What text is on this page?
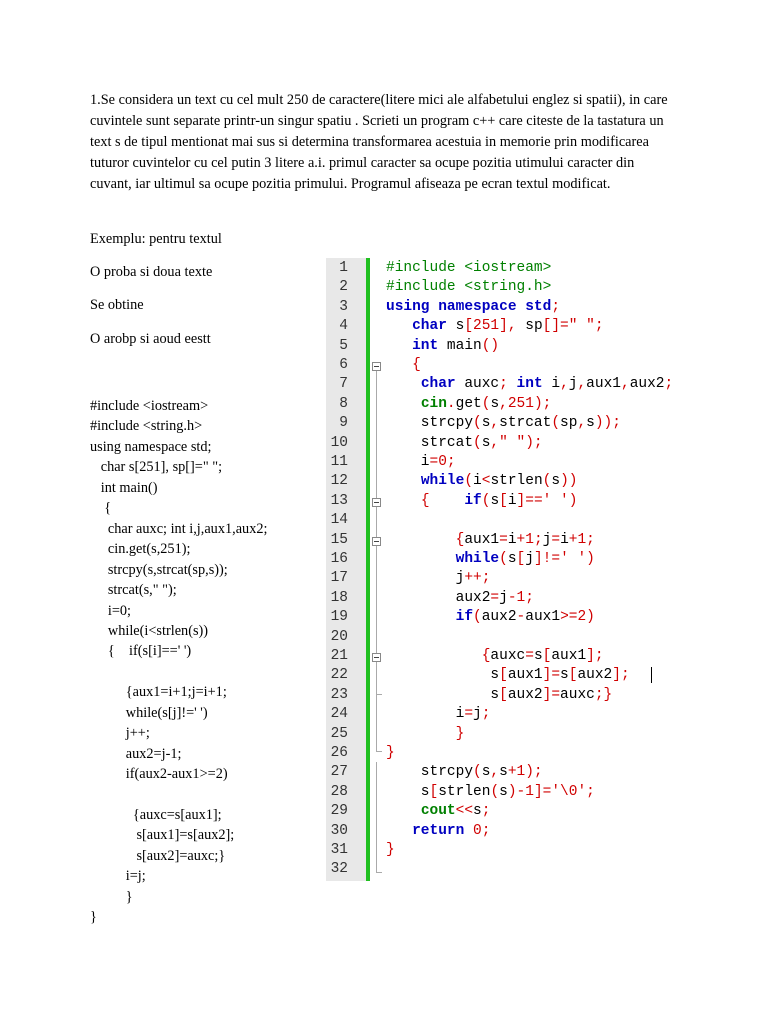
1.Se considera un text cu cel mult 250 de caractere(litere mici ale alfabetului englez si spatii), in care cuvintele sunt separate printr-un singur spatiu . Scrieti un program c++ care citeste de la tastatura un text s de tipul mentionat mai sus si determina transformarea acestuia in memorie prin modificarea tuturor cuvintelor cu cel putin 3 litere a.i. primul caracter sa ocupe pozitia utimului caracter din cuvant, iar ultimul sa ocupe pozitia primului. Programul afiseaza pe ecran textul modificat.

Exemplu: pentru textul
O proba si doua texte
Se obtine
O arobp si aoud eestt
#include <iostream>
#include <string.h>
using namespace std;
char s[251], sp[]=" ";
int main()
{
char auxc; int i,j,aux1,aux2;
cin.get(s,251);
strcpy(s,strcat(sp,s));
strcat(s," ");
i=0;
while(i<strlen(s))
{    if(s[i]==' ')
{aux1=i+1;j=i+1;
while(s[j]!=' ')
j++;
aux2=j-1;
if(aux2-aux1>=2)
{auxc=s[aux1];
s[aux1]=s[aux2];
s[aux2]=auxc;}
i=j;
}
}
#include <iostream>
#include <string.h>
using namespace std;
char s[251], sp[]=" ";
int main()
{
char auxc; int i,j,aux1,aux2;
cin.get(s,251);
strcpy(s,strcat(sp,s));
strcat(s," ");
i=0;
while(i<strlen(s))
{ if(s[i]==' ')
{aux1=i+1;j=i+1;
while(s[j]!=' ')
j++;
aux2=j-1;
if(aux2-aux1>=2)
{auxc=s[aux1];
s[aux1]=s[aux2];
s[aux2]=auxc;}
i=j;
}
}
strcpy(s,s+1);
s[strlen(s)-1]='\0';
cout<<s;
return 0;
}
1
2
3
4
5
6
7
8
9
10
11
12
13
14
15
16
17
18
19
20
21
22
23
24
25
26
27
28
29
30
31
32
